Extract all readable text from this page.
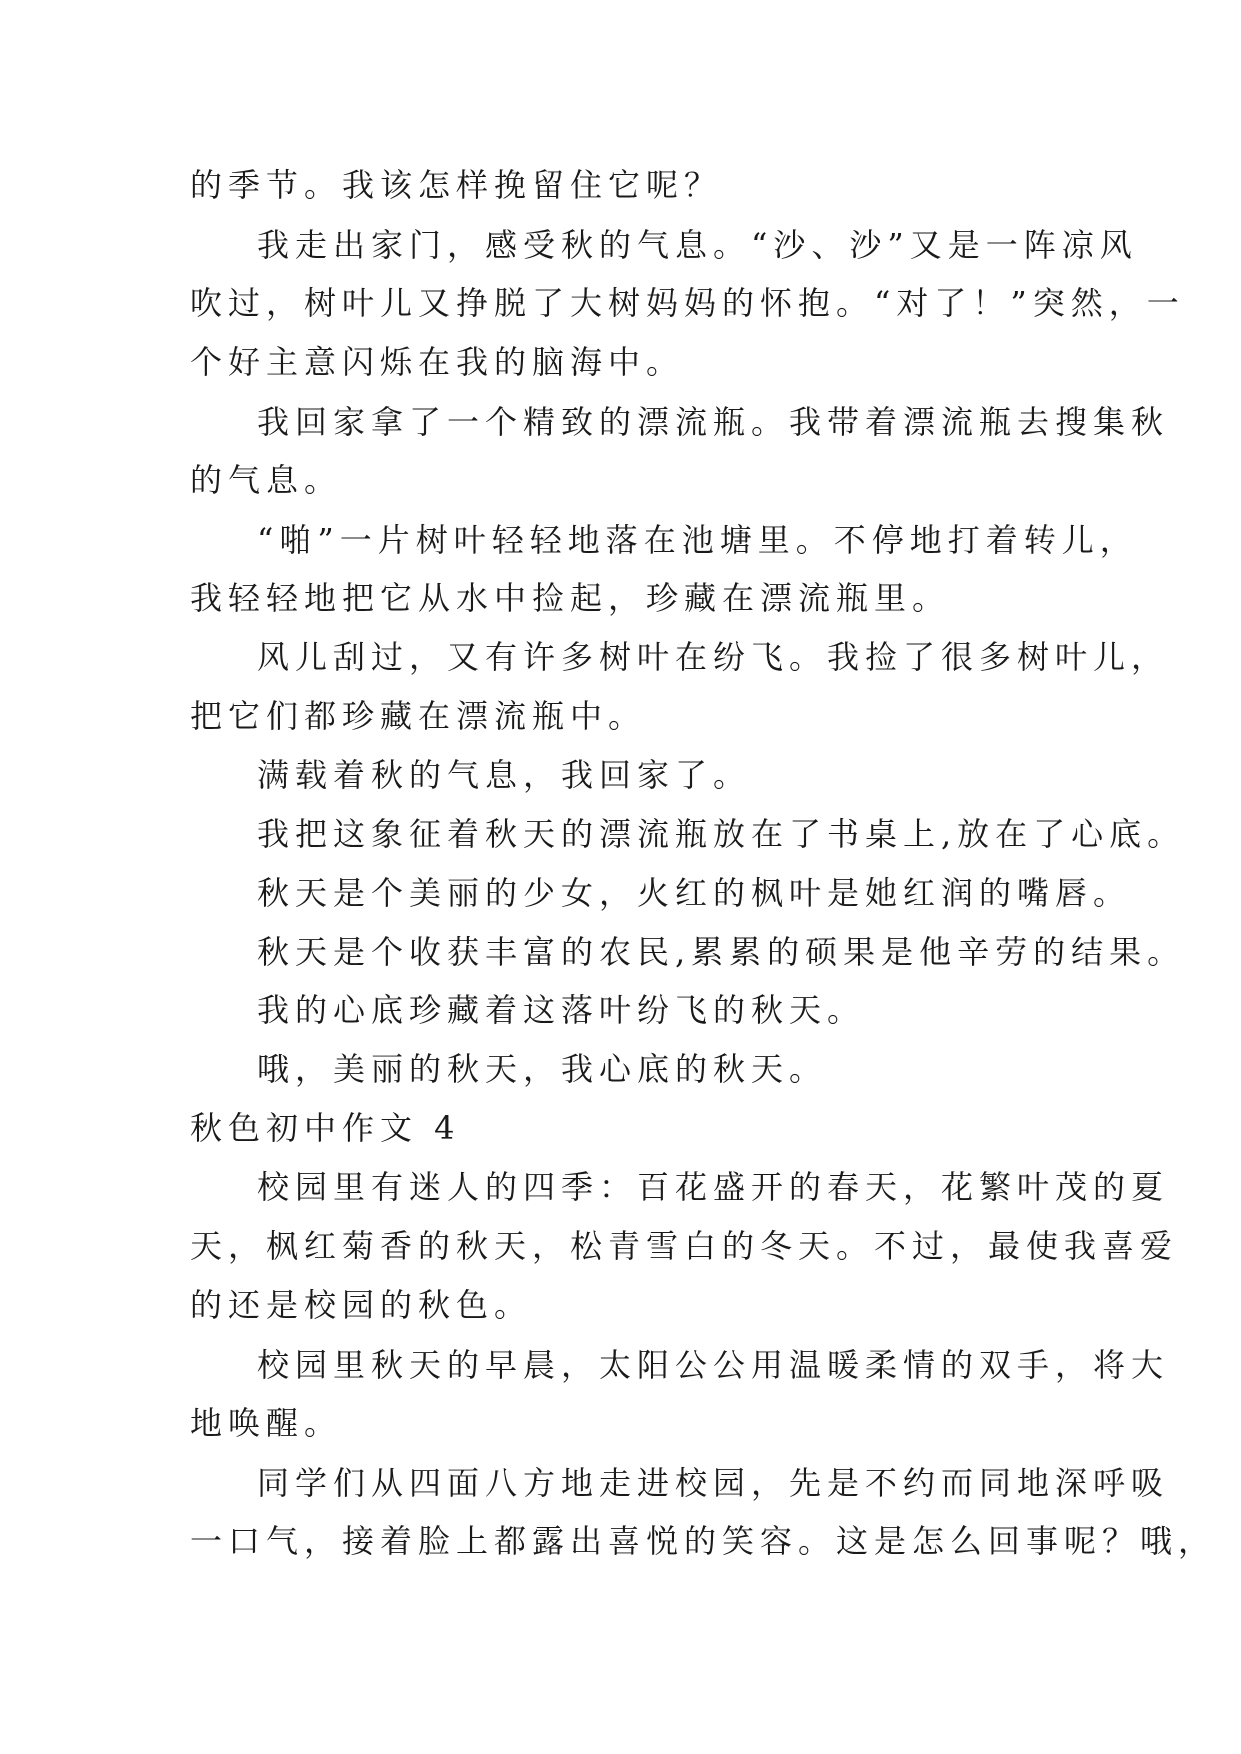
的季节。我该怎样挽留住它呢？
我走出家门，感受秋的气息。“沙、沙”又是一阵凉风
吹过，树叶儿又挣脱了大树妈妈的怀抱。“对了！”突然，一
个好主意闪烁在我的脑海中。
我回家拿了一个精致的漂流瓶。我带着漂流瓶去搜集秋
的气息。
“啪”一片树叶轻轻地落在池塘里。不停地打着转儿，
我轻轻地把它从水中捡起，珍藏在漂流瓶里。
风儿刮过，又有许多树叶在纷飞。我捡了很多树叶儿，
把它们都珍藏在漂流瓶中。
满载着秋的气息，我回家了。
我把这象征着秋天的漂流瓶放在了书桌上,放在了心底。
秋天是个美丽的少女，火红的枫叶是她红润的嘴唇。
秋天是个收获丰富的农民,累累的硕果是他辛劳的结果。
我的心底珍藏着这落叶纷飞的秋天。
哦，美丽的秋天，我心底的秋天。
秋色初中作文 4
校园里有迷人的四季：百花盛开的春天，花繁叶茂的夏
天，枫红菊香的秋天，松青雪白的冬天。不过，最使我喜爱
的还是校园的秋色。
校园里秋天的早晨，太阳公公用温暖柔情的双手，将大
地唤醒。
同学们从四面八方地走进校园，先是不约而同地深呼吸
一口气，接着脸上都露出喜悦的笑容。这是怎么回事呢？哦，
